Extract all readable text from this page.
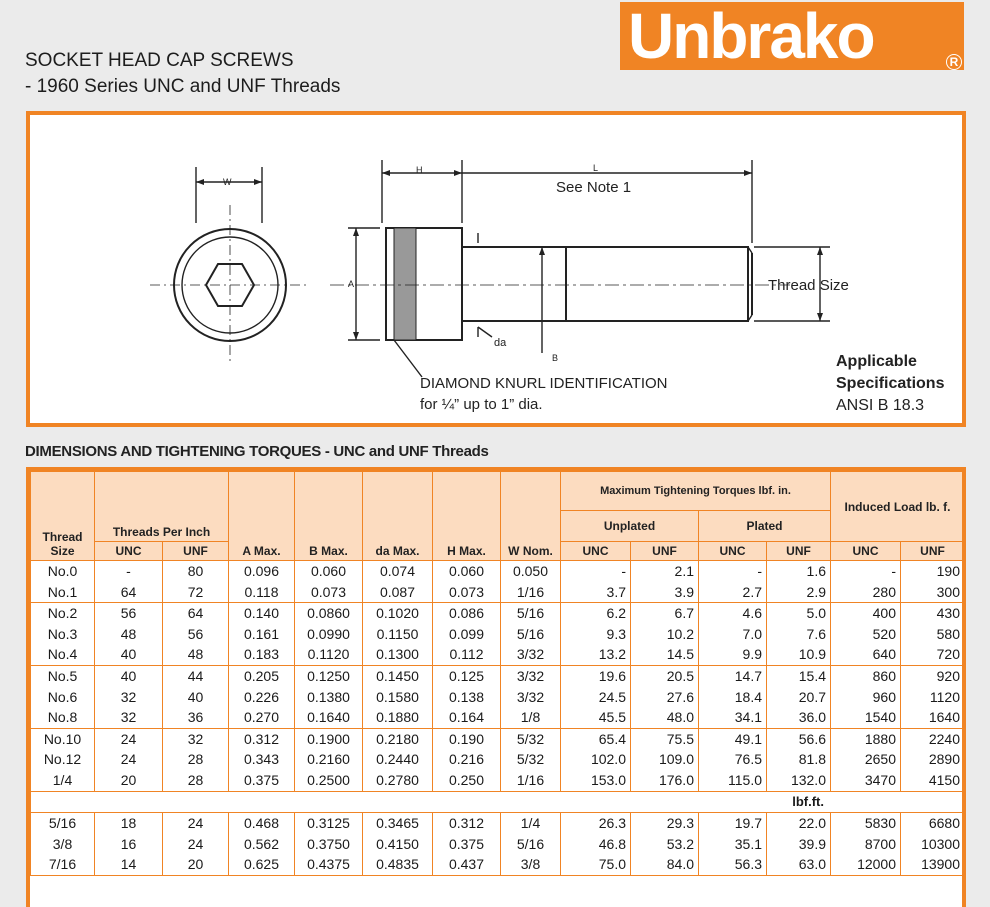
Unbrako	R
SOCKET HEAD CAP SCREWS
- 1960 Series UNC and UNF Threads
W
H	L
See Note 1
A	Thread Size
da
B
DIAMOND KNURL IDENTIFICATION
for ¼” up to 1” dia.
Applicable
Specifications
ANSI B 18.3
DIMENSIONS AND TIGHTENING TORQUES - UNC and UNF Threads
Thread Size	Threads Per Inch		A Max.	B Max.	da Max.	H Max.	W Nom.	Maximum Tightening Torques lbf. in.				Induced Load lb. f.	
								Unplated		Plated			
	UNC	UNF						UNC	UNF	UNC	UNF	UNC	UNF
No.0	-	80	0.096	0.060	0.074	0.060	0.050	-	2.1	-	1.6	-	190
No.1	64	72	0.118	0.073	0.087	0.073	1/16	3.7	3.9	2.7	2.9	280	300
No.2	56	64	0.140	0.0860	0.1020	0.086	5/16	6.2	6.7	4.6	5.0	400	430
No.3	48	56	0.161	0.0990	0.1150	0.099	5/16	9.3	10.2	7.0	7.6	520	580
No.4	40	48	0.183	0.1120	0.1300	0.112	3/32	13.2	14.5	9.9	10.9	640	720
No.5	40	44	0.205	0.1250	0.1450	0.125	3/32	19.6	20.5	14.7	15.4	860	920
No.6	32	40	0.226	0.1380	0.1580	0.138	3/32	24.5	27.6	18.4	20.7	960	1120
No.8	32	36	0.270	0.1640	0.1880	0.164	1/8	45.5	48.0	34.1	36.0	1540	1640
No.10	24	32	0.312	0.1900	0.2180	0.190	5/32	65.4	75.5	49.1	56.6	1880	2240
No.12	24	28	0.343	0.2160	0.2440	0.216	5/32	102.0	109.0	76.5	81.8	2650	2890
1/4	20	28	0.375	0.2500	0.2780	0.250	1/16	153.0	176.0	115.0	132.0	3470	4150
lbf.ft.													
5/16	18	24	0.468	0.3125	0.3465	0.312	1/4	26.3	29.3	19.7	22.0	5830	6680
3/8	16	24	0.562	0.3750	0.4150	0.375	5/16	46.8	53.2	35.1	39.9	8700	10300
7/16	14	20	0.625	0.4375	0.4835	0.437	3/8	75.0	84.0	56.3	63.0	12000	13900
